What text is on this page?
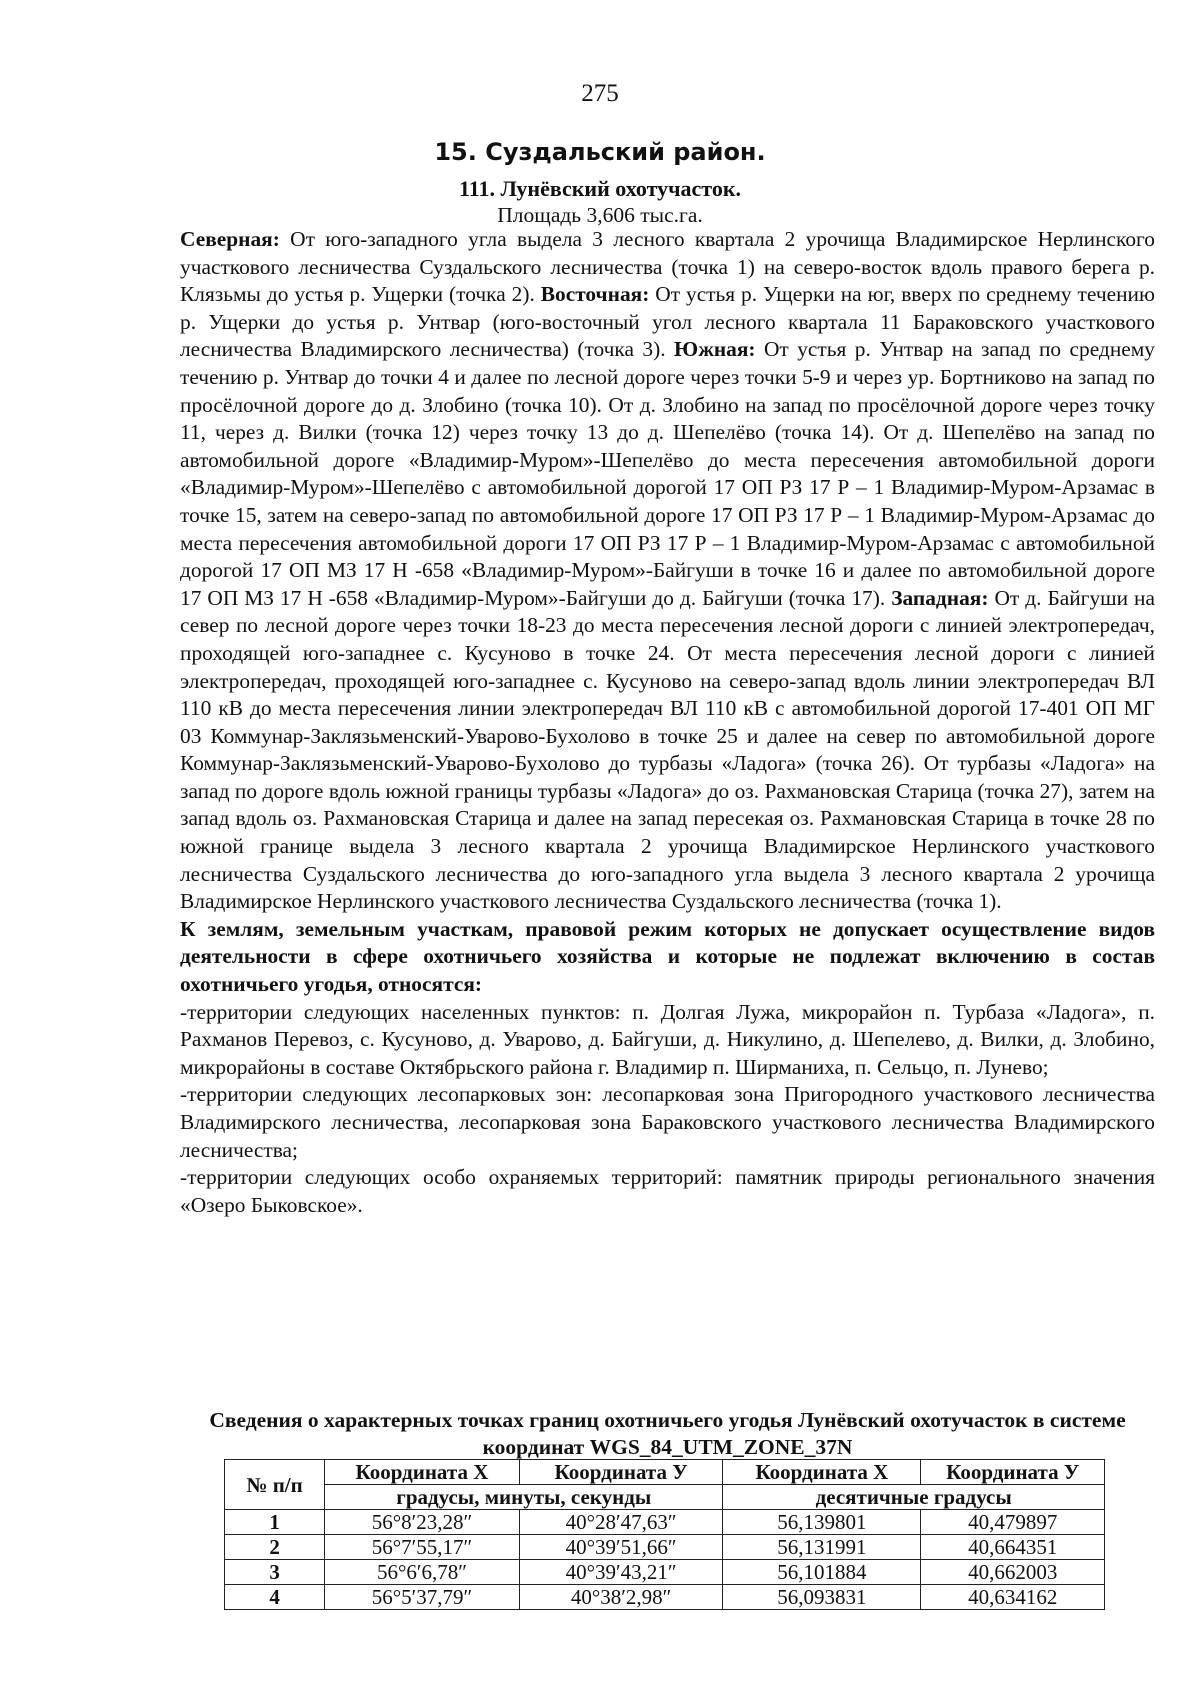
275
15. Суздальский район.
111. Лунёвский охотучасток.
Площадь 3,606 тыс.га.

Северная: От юго-западного угла выдела 3 лесного квартала 2 урочища Владимирское Нерлинского участкового лесничества Суздальского лесничества (точка 1) на северо-восток вдоль правого берега р. Клязьмы до устья р. Ущерки (точка 2). Восточная: От устья р. Ущерки на юг, вверх по среднему течению р. Ущерки до устья р. Унтвар (юго-восточный угол лесного квартала 11 Бараковского участкового лесничества Владимирского лесничества) (точка 3). Южная: От устья р. Унтвар на запад по среднему течению р. Унтвар до точки 4 и далее по лесной дороге через точки 5-9 и через ур. Бортниково на запад по просёлочной дороге до д. Злобино (точка 10). От д. Злобино на запад по просёлочной дороге через точку 11, через д. Вилки (точка 12) через точку 13 до д. Шепелёво (точка 14). От д. Шепелёво на запад по автомобильной дороге «Владимир-Муром»-Шепелёво до места пересечения автомобильной дороги «Владимир-Муром»-Шепелёво с автомобильной дорогой 17 ОП РЗ 17 Р – 1 Владимир-Муром-Арзамас в точке 15, затем на северо-запад по автомобильной дороге 17 ОП РЗ 17 Р – 1 Владимир-Муром-Арзамас до места пересечения автомобильной дороги 17 ОП РЗ 17 Р – 1 Владимир-Муром-Арзамас с автомобильной дорогой 17 ОП МЗ 17 Н -658 «Владимир-Муром»-Байгуши в точке 16 и далее по автомобильной дороге 17 ОП МЗ 17 Н -658 «Владимир-Муром»-Байгуши до д. Байгуши (точка 17). Западная: От д. Байгуши на север по лесной дороге через точки 18-23 до места пересечения лесной дороги с линией электропередач, проходящей юго-западнее с. Кусуново в точке 24. От места пересечения лесной дороги с линией электропередач, проходящей юго-западнее с. Кусуново на северо-запад вдоль линии электропередач ВЛ 110 кВ до места пересечения линии электропередач ВЛ 110 кВ с автомобильной дорогой 17-401 ОП МГ 03 Коммунар-Заклязьменский-Уварово-Бухолово в точке 25 и далее на север по автомобильной дороге Коммунар-Заклязьменский-Уварово-Бухолово до турбазы «Ладога» (точка 26). От турбазы «Ладога» на запад по дороге вдоль южной границы турбазы «Ладога» до оз. Рахмановская Старица (точка 27), затем на запад вдоль оз. Рахмановская Старица и далее на запад пересекая оз. Рахмановская Старица в точке 28 по южной границе выдела 3 лесного квартала 2 урочища Владимирское Нерлинского участкового лесничества Суздальского лесничества до юго-западного угла выдела 3 лесного квартала 2 урочища Владимирское Нерлинского участкового лесничества Суздальского лесничества (точка 1).

К землям, земельным участкам, правовой режим которых не допускает осуществление видов деятельности в сфере охотничьего хозяйства и которые не подлежат включению в состав охотничьего угодья, относятся:

-территории следующих населенных пунктов: п. Долгая Лужа, микрорайон п. Турбаза «Ладога», п. Рахманов Перевоз, с. Кусуново, д. Уварово, д. Байгуши, д. Никулино, д. Шепелево, д. Вилки, д. Злобино, микрорайоны в составе Октябрьского района г. Владимир п. Ширманиха, п. Сельцо, п. Лунево;

-территории следующих лесопарковых зон: лесопарковая зона Пригородного участкового лесничества Владимирского лесничества, лесопарковая зона Бараковского участкового лесничества Владимирского лесничества;

-территории следующих особо охраняемых территорий: памятник природы регионального значения «Озеро Быковское».

Сведения о характерных точках границ охотничьего угодья Лунёвский охотучасток в системе координат WGS_84_UTM_ZONE_37N
№ п/п	Координата Х	Координата У	Координата Х	Координата У
	градусы, минуты, секунды		десятичные градусы	
1	56°8′23,28″	40°28′47,63″	56,139801	40,479897
2	56°7′55,17″	40°39′51,66″	56,131991	40,664351
3	56°6′6,78″	40°39′43,21″	56,101884	40,662003
4	56°5′37,79″	40°38′2,98″	56,093831	40,634162
